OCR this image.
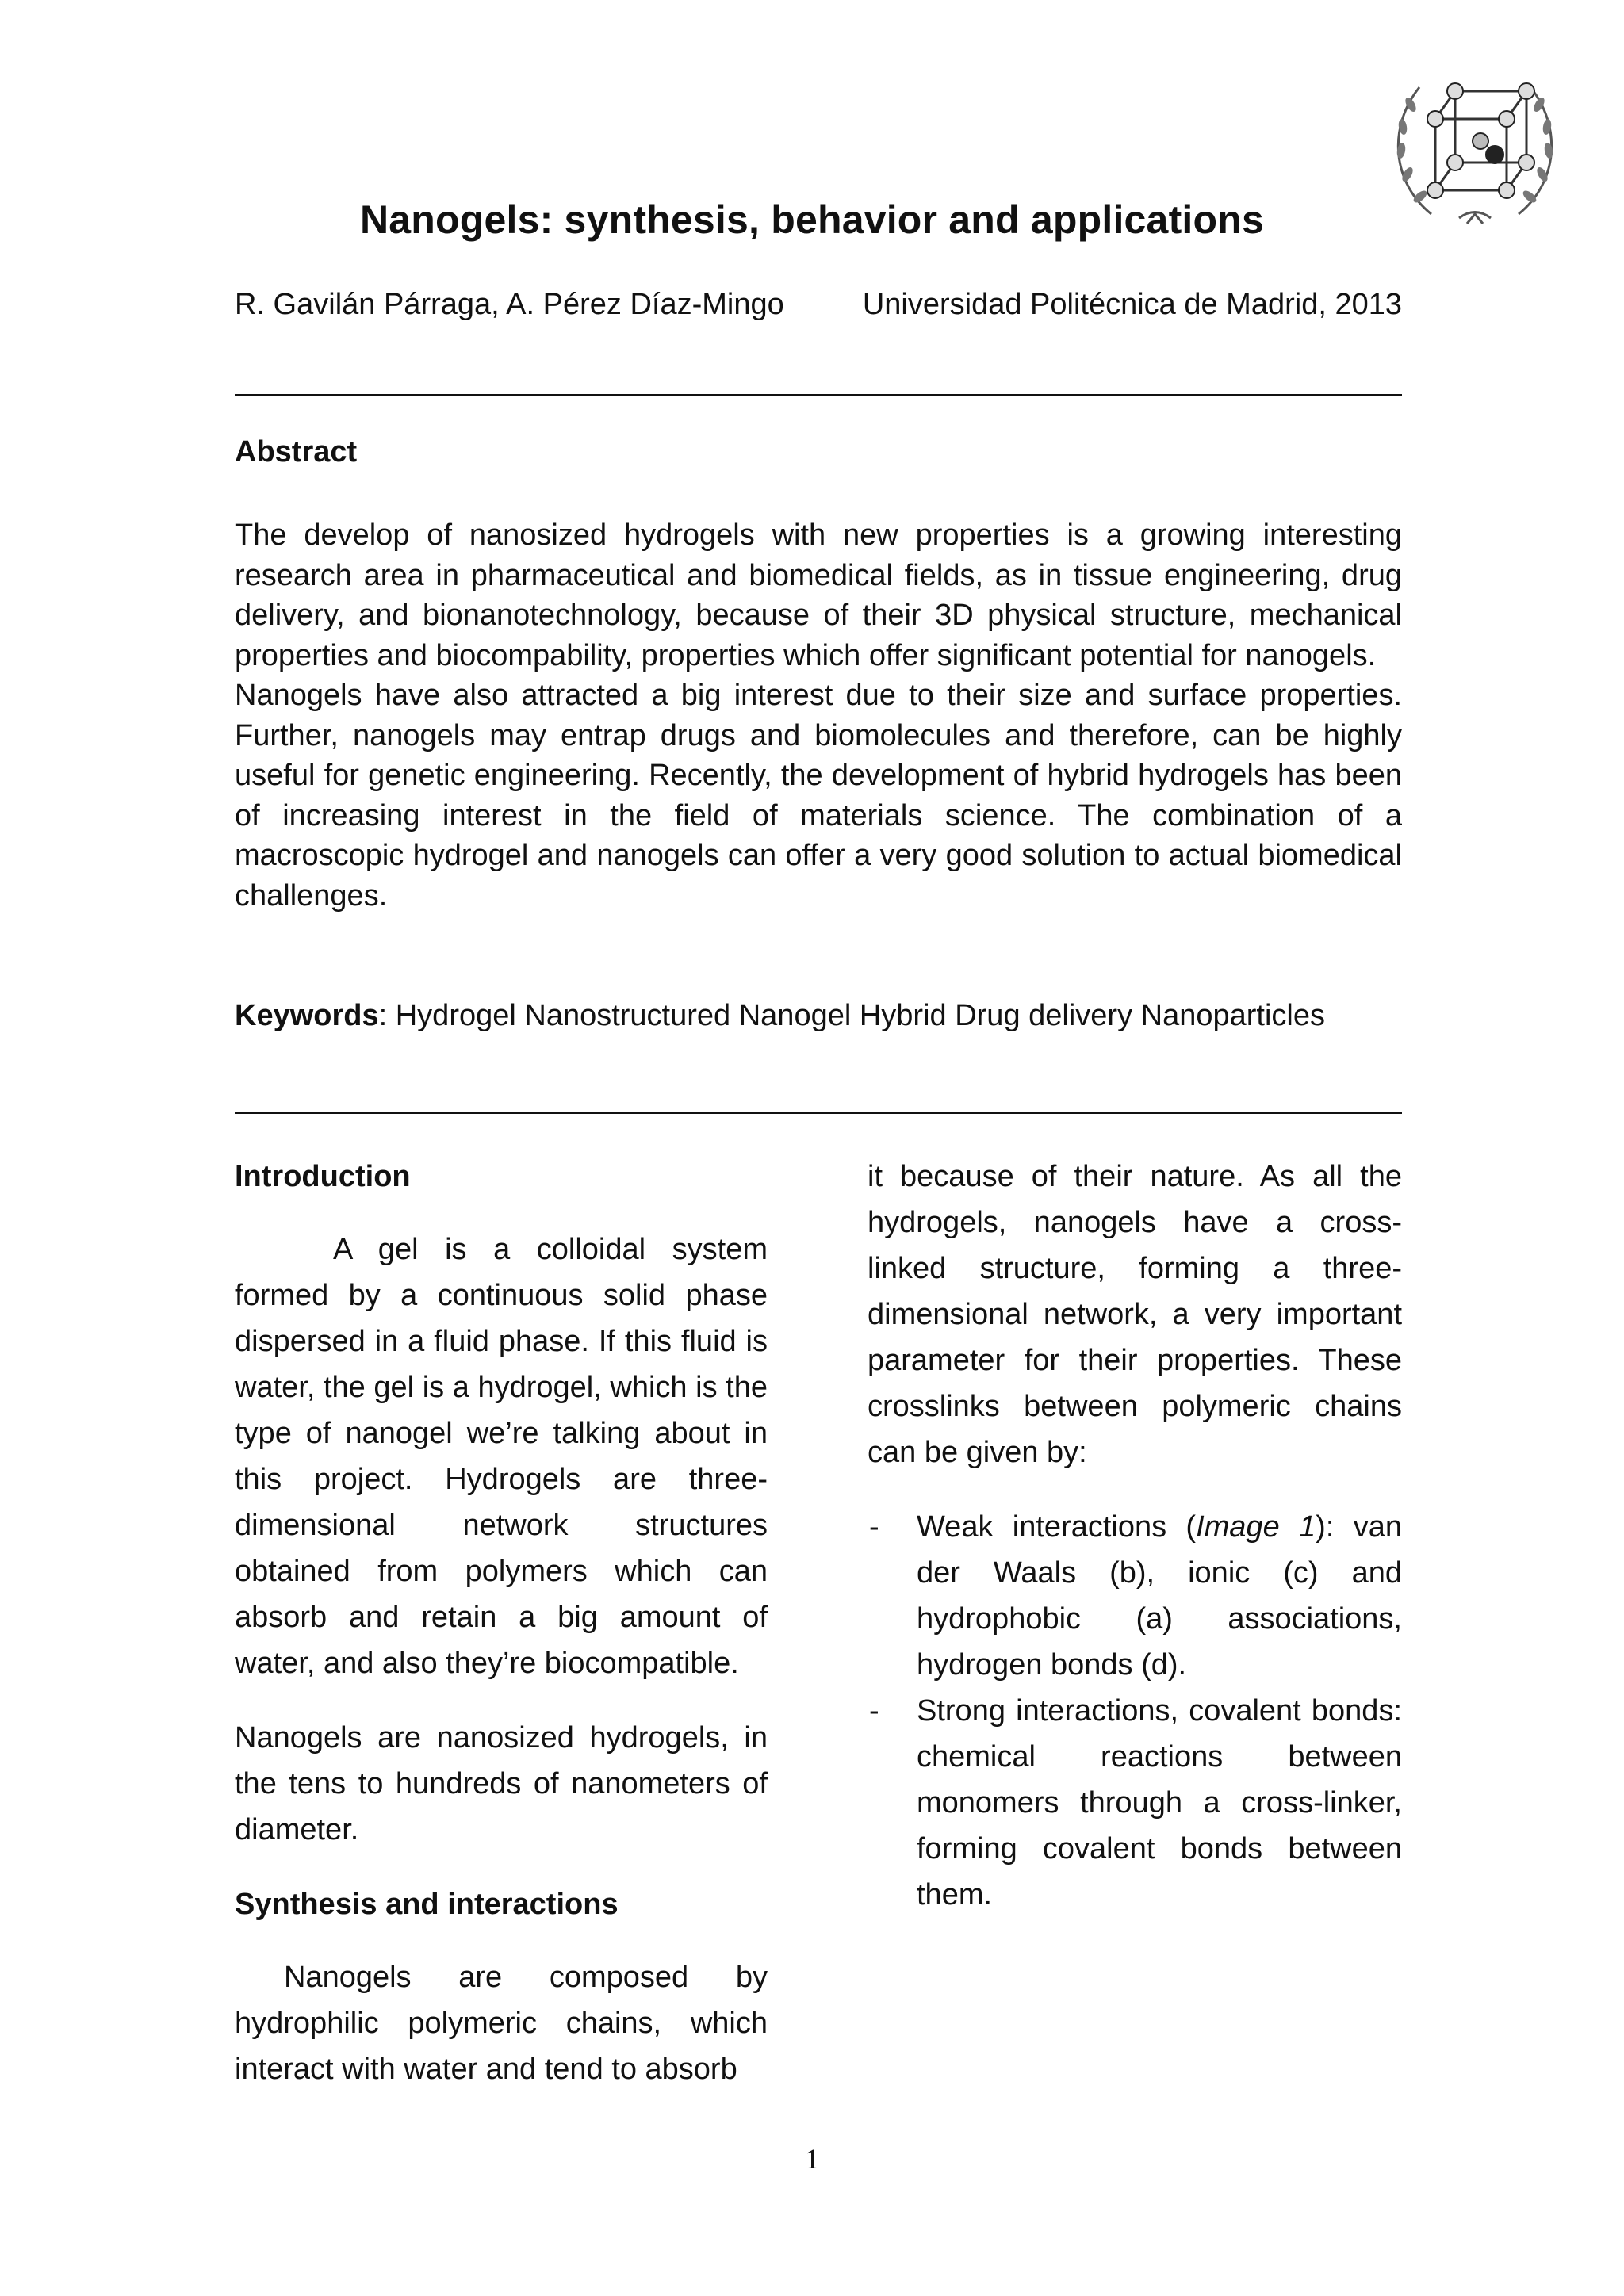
Nanogels: synthesis, behavior and applications
R. Gavilán Párraga, A. Pérez Díaz-Mingo	Universidad Politécnica de Madrid, 2013
Abstract

The develop of nanosized hydrogels with new properties is a growing interesting research area in pharmaceutical and biomedical fields, as in tissue engineering, drug delivery, and bionanotechnology, because of their 3D physical structure, mechanical properties and biocompability, properties which offer significant potential for nanogels.

Nanogels have also attracted a big interest due to their size and surface properties. Further, nanogels may entrap drugs and biomolecules and therefore, can be highly useful for genetic engineering. Recently, the development of hybrid hydrogels has been of increasing interest in the field of materials science. The combination of a macroscopic hydrogel and nanogels can offer a very good solution to actual biomedical challenges.

Keywords: Hydrogel Nanostructured Nanogel Hybrid Drug delivery Nanoparticles

Introduction

A gel is a colloidal system formed by a continuous solid phase dispersed in a fluid phase. If this fluid is water, the gel is a hydrogel, which is the type of nanogel we’re talking about in this project. Hydrogels are three-dimensional network structures obtained from polymers which can absorb and retain a big amount of water, and also they’re biocompatible.

Nanogels are nanosized hydrogels, in the tens to hundreds of nanometers of diameter.

Synthesis and interactions

Nanogels are composed by hydrophilic polymeric chains, which interact with water and tend to absorb

it because of their nature. As all the hydrogels, nanogels have a cross-linked structure, forming a three-dimensional network, a very important parameter for their properties. These crosslinks between polymeric chains can be given by:

- Weak interactions (Image 1): van der Waals (b), ionic (c) and hydrophobic (a) associations, hydrogen bonds (d).

- Strong interactions, covalent bonds: chemical reactions between monomers through a cross-linker, forming covalent bonds between them.

1
